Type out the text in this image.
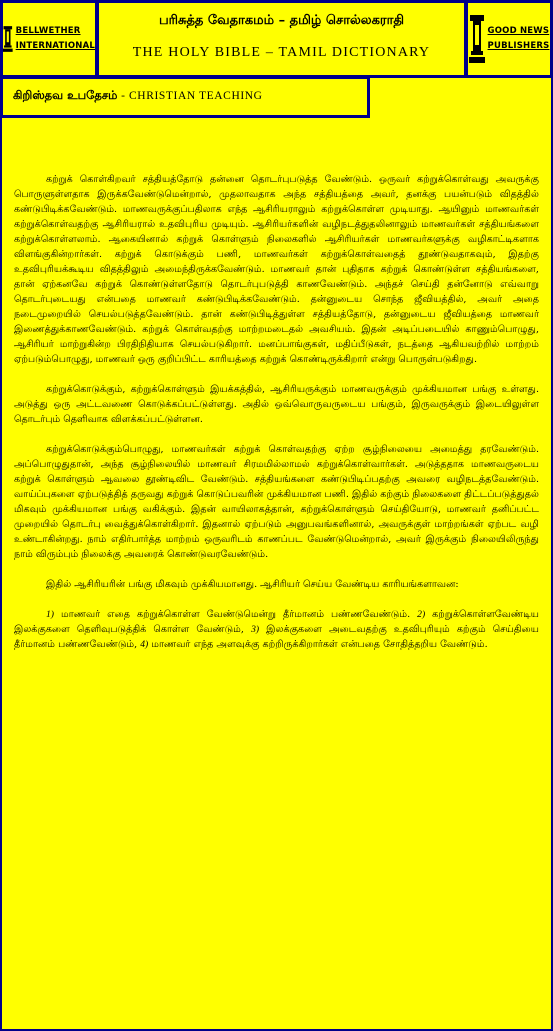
BELLWETHER
INTERNATIONAL
பரிசுத்த வேதாகமம் – தமிழ் சொல்லகராதி
THE HOLY BIBLE – TAMIL DICTIONARY
GOOD NEWS
PUBLISHERS
கிறிஸ்தவ உபதேசம் - CHRISTIAN TEACHING

கற்றுக் கொள்கிறவர் சத்தியத்தோடு தன்னை தொடர்புபடுத்த வேண்டும். ஒருவர் கற்றுக்கொள்வது அவருக்கு பொருளுள்ளதாக இருக்கவேண்டுமென்றால், முதலாவதாக அந்த சத்தியத்தை அவர், தனக்கு பயன்படும் விதத்தில் கண்டுபிடிக்கவேண்டும். மாணவருக்குப்பதிலாக எந்த ஆசிரியராலும் கற்றுக்கொள்ள முடியாது. ஆயினும் மாணவர்கள் கற்றுக்கொள்வதற்கு ஆசிரியரால் உதவிபுரிய முடியும். ஆசிரியர்களின் வழிநடத்துதலினாலும் மாணவர்கள் சத்தியங்களை கற்றுக்கொள்ளலாம். ஆகையினால் கற்றுக் கொள்ளும் நிலைகளில் ஆசிரியர்கள் மாணவர்களுக்கு வழிகாட்டிகளாக விளங்குகின்றார்கள். கற்றுக் கொடுக்கும் பணி, மாணவர்கள் கற்றுக்கொள்வதைத் தூண்டுவதாகவும், இதற்கு உதவிபுரியக்கூடிய விதத்திலும் அமைந்திருக்கவேண்டும். மாணவர் தான் புதிதாக கற்றுக் கொண்டுள்ள சத்தியங்களை, தான் ஏற்கனவே கற்றுக் கொண்டுள்ளதோடு தொடர்புபடுத்தி காணவேண்டும். அந்தச் செய்தி தன்னோடு எவ்வாறு தொடர்புடையது என்பதை மாணவர் கண்டுபிடிக்கவேண்டும். தன்னுடைய சொந்த ஜீவியத்தில், அவர் அதை நடைமுறையில் செயல்படுத்தவேண்டும். தான் கண்டுபிடித்துள்ள சத்தியத்தோடு, தன்னுடைய ஜீவியத்தை மாணவர் இணைத்துக்காணவேண்டும். கற்றுக் கொள்வதற்கு மாற்றமடைதல் அவசியம். இதன் அடிப்படையில் காணும்பொழுது, ஆசிரியர் மாற்றுகின்ற பிரதிநிதியாக செயல்படுகிறார். மனப்பாங்குகள், மதிப்பீடுகள், நடத்தை ஆகியவற்றில் மாற்றம் ஏற்படும்பொழுது, மாணவர் ஒரு குறிப்பிட்ட காரியத்தை கற்றுக் கொண்டிருக்கிறார் என்று பொருள்படுகிறது.

கற்றுக்கொடுக்கும், கற்றுக்கொள்ளும் இயக்கத்தில், ஆசிரியருக்கும் மாணவருக்கும் முக்கியமான பங்கு உள்ளது. அடுத்து ஒரு அட்டவணை கொடுக்கப்பட்டுள்ளது. அதில் ஒவ்வொருவருடைய பங்கும், இருவருக்கும் இடையிலுள்ள தொடர்பும் தெளிவாக விளக்கப்பட்டுள்ளன.

கற்றுக்கொடுக்கும்பொழுது, மாணவர்கள் கற்றுக் கொள்வதற்கு ஏற்ற சூழ்நிலையை அமைத்து தரவேண்டும். அப்பொழுதுதான், அந்த சூழ்நிலையில் மாணவர் சிரமமில்லாமல் கற்றுக்கொள்வார்கள். அடுத்ததாக மாணவருடைய கற்றுக் கொள்ளும் ஆவலை தூண்டிவிட வேண்டும். சத்தியங்களை கண்டுபிடிப்பதற்கு அவரை வழிநடத்தவேண்டும். வாய்ப்புகளை ஏற்படுத்தித் தருவது கற்றுக் கொடுப்பவரின் முக்கியமான பணி. இதில் கற்கும் நிலைகளை திட்டப்படுத்துதல் மிகவும் முக்கியமான பங்கு வகிக்கும். இதன் வாயிலாகத்தான், கற்றுக்கொள்ளும் செய்தியோடு, மாணவர் தனிப்பட்ட முறையில் தொடர்பு வைத்துக்கொள்கிறார். இதனால் ஏற்படும் அனுபவங்களினால், அவருக்குள் மாற்றங்கள் ஏற்பட வழி உண்டாகின்றது. நாம் எதிர்பார்த்த மாற்றம் ஒருவரிடம் காணப்பட வேண்டுமென்றால், அவர் இருக்கும் நிலையிலிருந்து நாம் விரும்பும் நிலைக்கு அவரைக் கொண்டுவரவேண்டும்.

இதில் ஆசிரியரின் பங்கு மிகவும் முக்கியமானது. ஆசிரியர் செய்ய வேண்டிய காரியங்களாவன:

1) மாணவர் எதை கற்றுக்கொள்ள வேண்டுமென்று தீர்மானம் பண்ணவேண்டும். 2) கற்றுக்கொள்ளவேண்டிய இலக்குகளை தெளிவுபடுத்திக் கொள்ள வேண்டும், 3) இலக்குகளை அடைவதற்கு உதவிபுரியும் கற்கும் செய்தியை தீர்மானம் பண்ணவேண்டும், 4) மாணவர் எந்த அளவுக்கு கற்றிருக்கிறார்கள் என்பதை சோதித்தறிய வேண்டும்.
